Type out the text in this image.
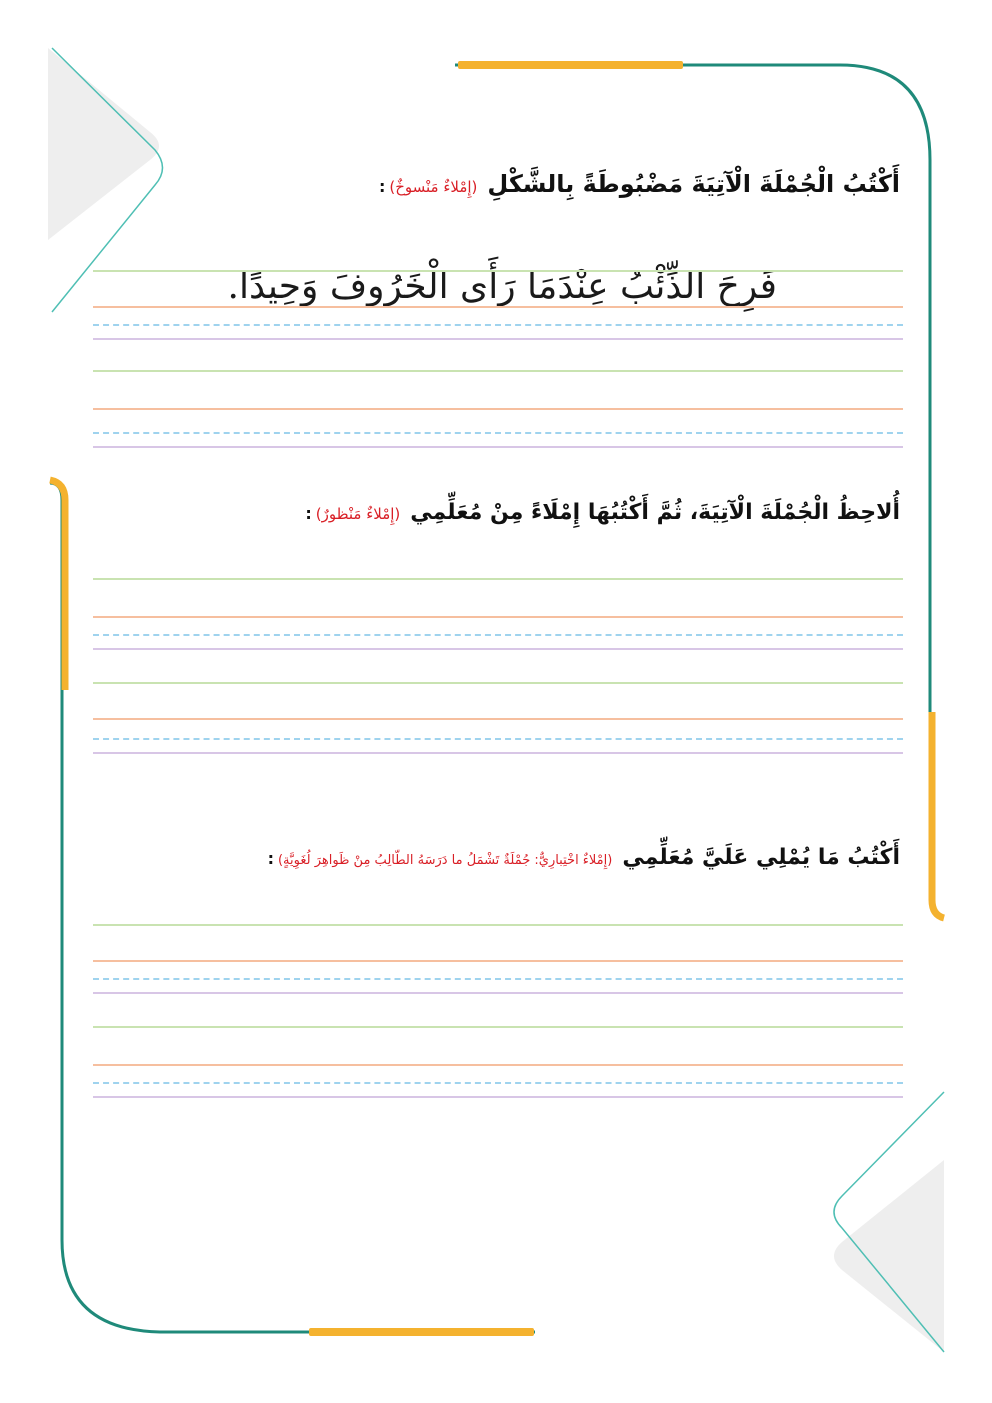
أَكْتُبُ الْجُمْلَةَ الْآتِيَةَ مَضْبُوطَةً بِالشَّكْلِ(إِمْلاءٌ مَنْسوخٌ):
فَرِحَ الذِّئْبُ عِنْدَمَا رَأَى الْخَرُوفَ وَحِيدًا.
أُلاحِظُ الْجُمْلَةَ الْآتِيَةَ، ثُمَّ أَكْتُبُهَا إِمْلَاءً مِنْ مُعَلِّمِي(إِمْلاءٌ مَنْظورٌ):
أَكْتُبُ مَا يُمْلِي عَلَيَّ مُعَلِّمِي(إِمْلاءٌ اخْتِبارِيٌّ: جُمْلَةٌ تَشْمَلُ ما دَرَسَهُ الطّالِبُ مِنْ ظَواهِرَ لُغَوِيَّةٍ):
